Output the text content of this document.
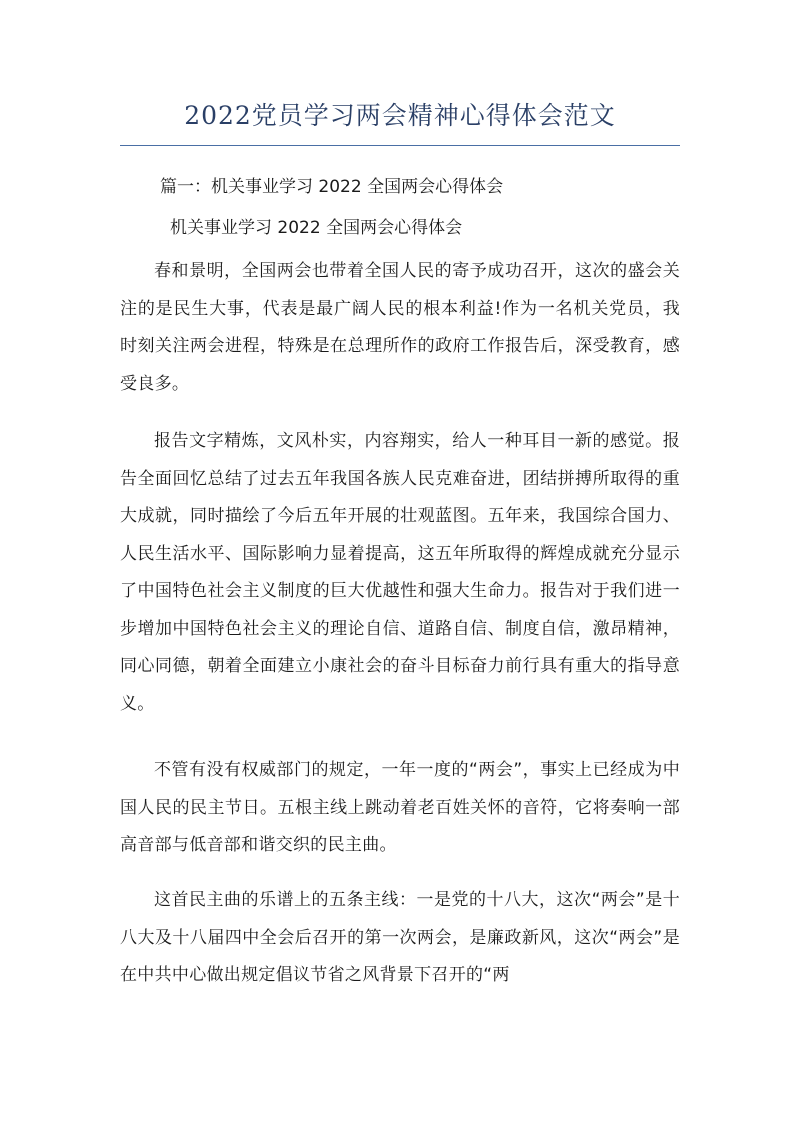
2022党员学习两会精神心得体会范文

篇一：机关事业学习 2022 全国两会心得体会

机关事业学习 2022 全国两会心得体会

春和景明，全国两会也带着全国人民的寄予成功召开，这次的盛会关注的是民生大事，代表是最广阔人民的根本利益!作为一名机关党员，我时刻关注两会进程，特殊是在总理所作的政府工作报告后，深受教育，感受良多。

报告文字精炼，文风朴实，内容翔实，给人一种耳目一新的感觉。报告全面回忆总结了过去五年我国各族人民克难奋进，团结拼搏所取得的重大成就，同时描绘了今后五年开展的壮观蓝图。五年来，我国综合国力、人民生活水平、国际影响力显着提高，这五年所取得的辉煌成就充分显示了中国特色社会主义制度的巨大优越性和强大生命力。报告对于我们进一步增加中国特色社会主义的理论自信、道路自信、制度自信，激昂精神，同心同德，朝着全面建立小康社会的奋斗目标奋力前行具有重大的指导意义。

不管有没有权威部门的规定，一年一度的“两会”，事实上已经成为中国人民的民主节日。五根主线上跳动着老百姓关怀的音符，它将奏响一部高音部与低音部和谐交织的民主曲。

这首民主曲的乐谱上的五条主线：一是党的十八大，这次“两会”是十八大及十八届四中全会后召开的第一次两会，是廉政新风，这次“两会”是在中共中心做出规定倡议节省之风背景下召开的“两
